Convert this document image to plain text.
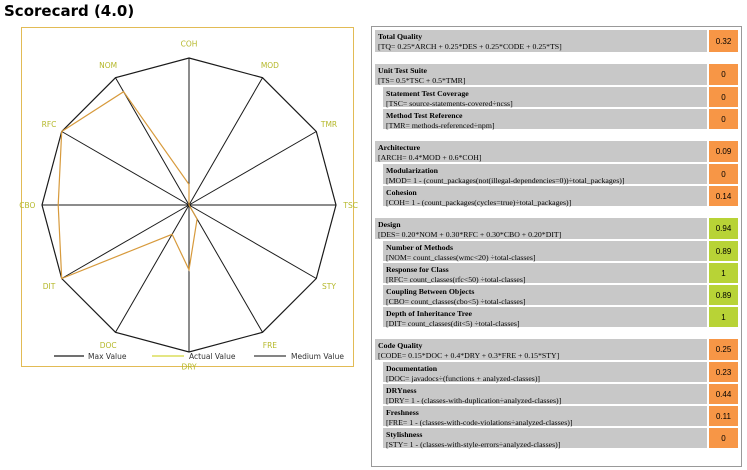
Scorecard (4.0)
COH
MOD
TMR
TSC
STY
FRE
DRY
DOC
DIT
CBO
RFC
NOM
Max Value	Actual Value	Medium Value
Total Quality
[TQ= 0.25*ARCH + 0.25*DES + 0.25*CODE + 0.25*TS]
0.32
Unit Test Suite
[TS= 0.5*TSC + 0.5*TMR]
0
Statement Test Coverage
[TSC= source-statements-covered÷ncss]
0
Method Test Reference
[TMR= methods-referenced÷npm]
0
Architecture
[ARCH= 0.4*MOD + 0.6*COH]
0.09
Modularization
[MOD= 1 - (count_packages(not(illegal-dependencies=0))÷total_packages)]
0
Cohesion
[COH= 1 - (count_packages(cycles=true)÷total_packages)]
0.14
Design
[DES= 0.20*NOM + 0.30*RFC + 0.30*CBO + 0.20*DIT]
0.94
Number of Methods
[NOM= count_classes(wmc<20) ÷total-classes]
0.89
Response for Class
[RFC= count_classes(rfc<50) ÷total-classes]
1
Coupling Between Objects
[CBO= count_classes(cbo<5) ÷total-classes]
0.89
Depth of Inheritance Tree
[DIT= count_classes(dit<5) ÷total-classes]
1
Code Quality
[CODE= 0.15*DOC + 0.4*DRY + 0.3*FRE + 0.15*STY]
0.25
Documentation
[DOC= javadocs÷(functions + analyzed-classes)]
0.23
DRYness
[DRY= 1 - (classes-with-duplication÷analyzed-classes)]
0.44
Freshness
[FRE= 1 - (classes-with-code-violations÷analyzed-classes)]
0.11
Stylishness
[STY= 1 - (classes-with-style-errors÷analyzed-classes)]
0
